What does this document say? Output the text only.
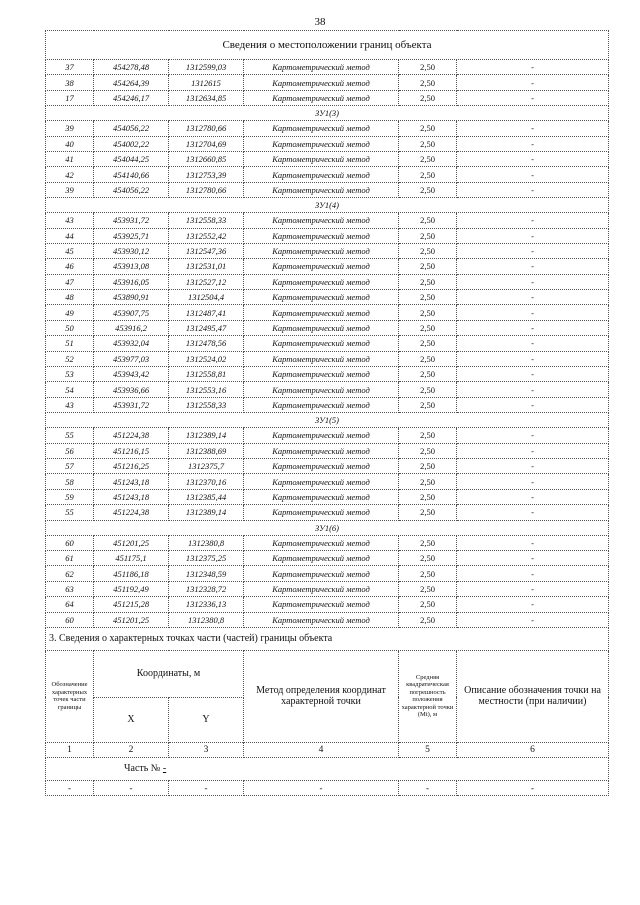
38
Сведения о местоположении границ объекта					
37	454278,48	1312599,03	Картометрический метод	2,50	-
38	454264,39	1312615	Картометрический метод	2,50	-
17	454246,17	1312634,85	Картометрический метод	2,50	-
ЗУ1(3)					
39	454056,22	1312780,66	Картометрический метод	2,50	-
40	454002,22	1312704,69	Картометрический метод	2,50	-
41	454044,25	1312660,85	Картометрический метод	2,50	-
42	454140,66	1312753,39	Картометрический метод	2,50	-
39	454056,22	1312780,66	Картометрический метод	2,50	-
ЗУ1(4)					
43	453931,72	1312558,33	Картометрический метод	2,50	-
44	453925,71	1312552,42	Картометрический метод	2,50	-
45	453930,12	1312547,36	Картометрический метод	2,50	-
46	453913,08	1312531,01	Картометрический метод	2,50	-
47	453916,05	1312527,12	Картометрический метод	2,50	-
48	453890,91	1312504,4	Картометрический метод	2,50	-
49	453907,75	1312487,41	Картометрический метод	2,50	-
50	453916,2	1312495,47	Картометрический метод	2,50	-
51	453932,04	1312478,56	Картометрический метод	2,50	-
52	453977,03	1312524,02	Картометрический метод	2,50	-
53	453943,42	1312558,81	Картометрический метод	2,50	-
54	453936,66	1312553,16	Картометрический метод	2,50	-
43	453931,72	1312558,33	Картометрический метод	2,50	-
ЗУ1(5)					
55	451224,38	1312389,14	Картометрический метод	2,50	-
56	451216,15	1312388,69	Картометрический метод	2,50	-
57	451216,25	1312375,7	Картометрический метод	2,50	-
58	451243,18	1312370,16	Картометрический метод	2,50	-
59	451243,18	1312385,44	Картометрический метод	2,50	-
55	451224,38	1312389,14	Картометрический метод	2,50	-
ЗУ1(6)					
60	451201,25	1312380,8	Картометрический метод	2,50	-
61	451175,1	1312375,25	Картометрический метод	2,50	-
62	451186,18	1312348,59	Картометрический метод	2,50	-
63	451192,49	1312328,72	Картометрический метод	2,50	-
64	451215,28	1312336,13	Картометрический метод	2,50	-
60	451201,25	1312380,8	Картометрический метод	2,50	-
3. Сведения о характерных точках части (частей) границы объекта					
Обозначение характерных точек части границы	Координаты, м		Метод определения координат характерной точки	Средняя квадратическая погрешность положения характерной точки (Mt), м	Описание обозначения точки на местности (при наличии)
	X	Y			
1	2	3	4	5	6
Часть № -					
-	-	-	-	-	-
